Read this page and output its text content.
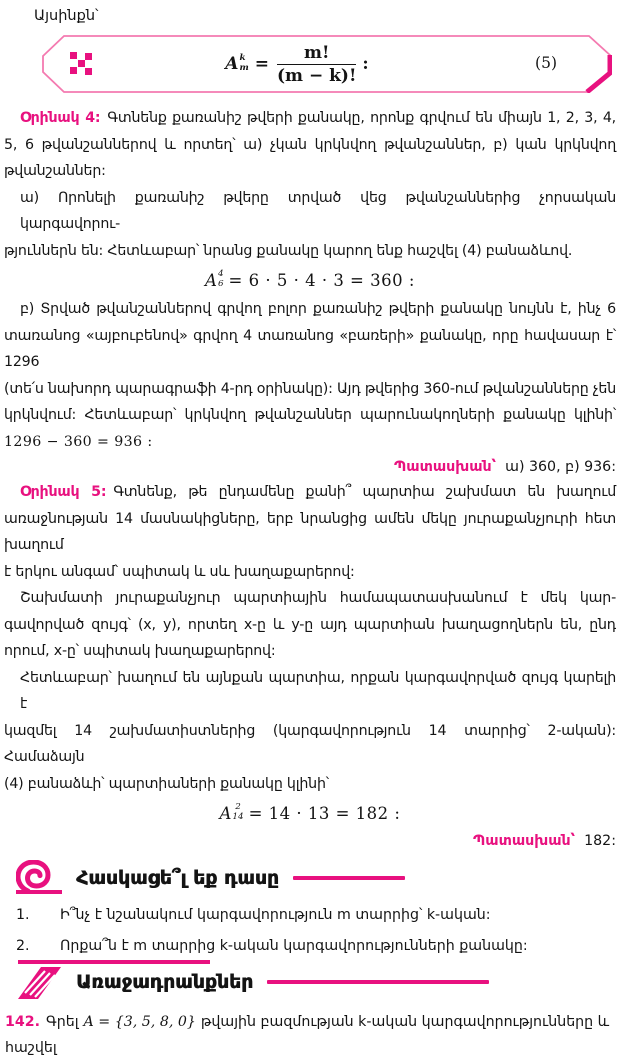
Այսինքն՝
A k
$m = \frac{m!}{(m - k)!}$ :	(5)
Օրինակ 4: Գտնենք քառանիշ թվերի քանակը, որոնք գրվում են միայն 1, 2, 3, 4,
5, 6 թվանշաններով և որտեղ՝ ա) չկան կրկնվող թվանշաններ, բ) կան կրկնվող
թվանշաններ:
ա) Որոնելի քառանիշ թվերը տրված վեց թվանշաններից չորսական կարգավորու-
թյուններն են: Հետևաբար՝ նրանց քանակը կարող ենք հաշվել (4) բանաձևով.
A 4
6 = 6 · 5 · 4 · 3 = 360 :
բ) Տրված թվանշաններով գրվող բոլոր քառանիշ թվերի քանակը նույնն է, ինչ 6
տառանոց «այբուբենով» գրվող 4 տառանոց «բառերի» քանակը, որը հավասար է՝ 1296
(տե՛ս նախորդ պարագրաֆի 4-րդ օրինակը): Այդ թվերից 360-ում թվանշանները չեն
կրկնվում: Հետևաբար՝ կրկնվող թվանշաններ պարունակողների քանակը կլինի՝
1296 − 360 = 936 :
Պատասխան՝ ա) 360, բ) 936:
Օրինակ 5: Գտնենք, թե ընդամենը քանի՞ պարտիա շախմատ են խաղում
առաջնության 14 մասնակիցները, երբ նրանցից ամեն մեկը յուրաքանչյուրի հետ խաղում
է երկու անգամ՝ սպիտակ և սև խաղաքարերով:
Շախմատի յուրաքանչյուր պարտիային համապատասխանում է մեկ կար-
գավորված զույգ՝ (x, y), որտեղ x-ը և y-ը այդ պարտիան խաղացողներն են, ընդ
որում, x-ը՝ սպիտակ խաղաքարերով:
Հետևաբար՝ խաղում են այնքան պարտիա, որքան կարգավորված զույգ կարելի է
կազմել 14 շախմատիստներից (կարգավորություն 14 տարրից՝ 2-ական): Համաձայն
(4) բանաձևի՝ պարտիաների քանակը կլինի՝
A 2
14 = 14 · 13 = 182 :
Պատասխան՝ 182:
Հասկացե՞լ եք դասը
1. Ի՞նչ է նշանակում կարգավորություն m տարրից՝ k-ական:
2. Որքա՞ն է m տարրից k-ական կարգավորությունների քանակը:
Առաջադրանքներ
142. Գրել A = {3, 5, 8, 0} թվային բազմության k-ական կարգավորությունները և հաշվել
